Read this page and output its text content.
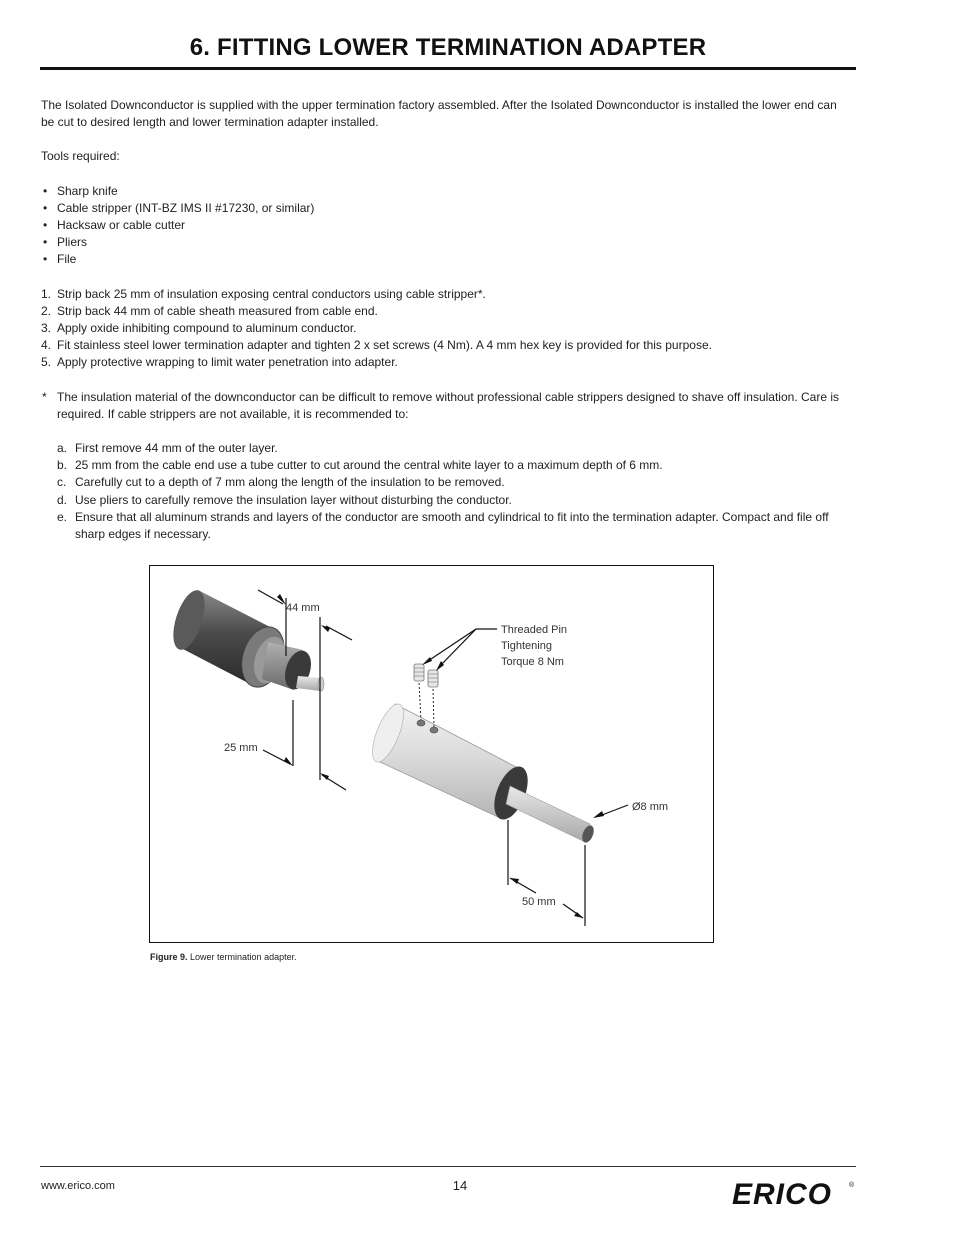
6. FITTING LOWER TERMINATION ADAPTER

The Isolated Downconductor is supplied with the upper termination factory assembled. After the Isolated Downconductor is installed the lower end can be cut to desired length and lower termination adapter installed.

Tools required:

• Sharp knife
• Cable stripper (INT-BZ IMS II #17230, or similar)
• Hacksaw or cable cutter
• Pliers
• File
1. Strip back 25 mm of insulation exposing central conductors using cable stripper*.
2. Strip back 44 mm of cable sheath measured from cable end.
3. Apply oxide inhibiting compound to aluminum conductor.
4. Fit stainless steel lower termination adapter and tighten 2 x set screws (4 Nm). A 4 mm hex key is provided for this purpose.
5. Apply protective wrapping to limit water penetration into adapter.
* The insulation material of the downconductor can be difficult to remove without professional cable strippers designed to shave off insulation. Care is required. If cable strippers are not available, it is recommended to:
a. First remove 44 mm of the outer layer.
b. 25 mm from the cable end use a tube cutter to cut around the central white layer to a maximum depth of 6 mm.
c. Carefully cut to a depth of 7 mm along the length of the insulation to be removed.
d. Use pliers to carefully remove the insulation layer without disturbing the conductor.
e. Ensure that all aluminum strands and layers of the conductor are smooth and cylindrical to fit into the termination adapter. Compact and file off sharp edges if necessary.
44 mm
25 mm
Threaded Pin
Tightening
Torque 8 Nm
Ø8 mm
50 mm
Figure 9. Lower termination adapter.
www.erico.com	14	ERICO ®
